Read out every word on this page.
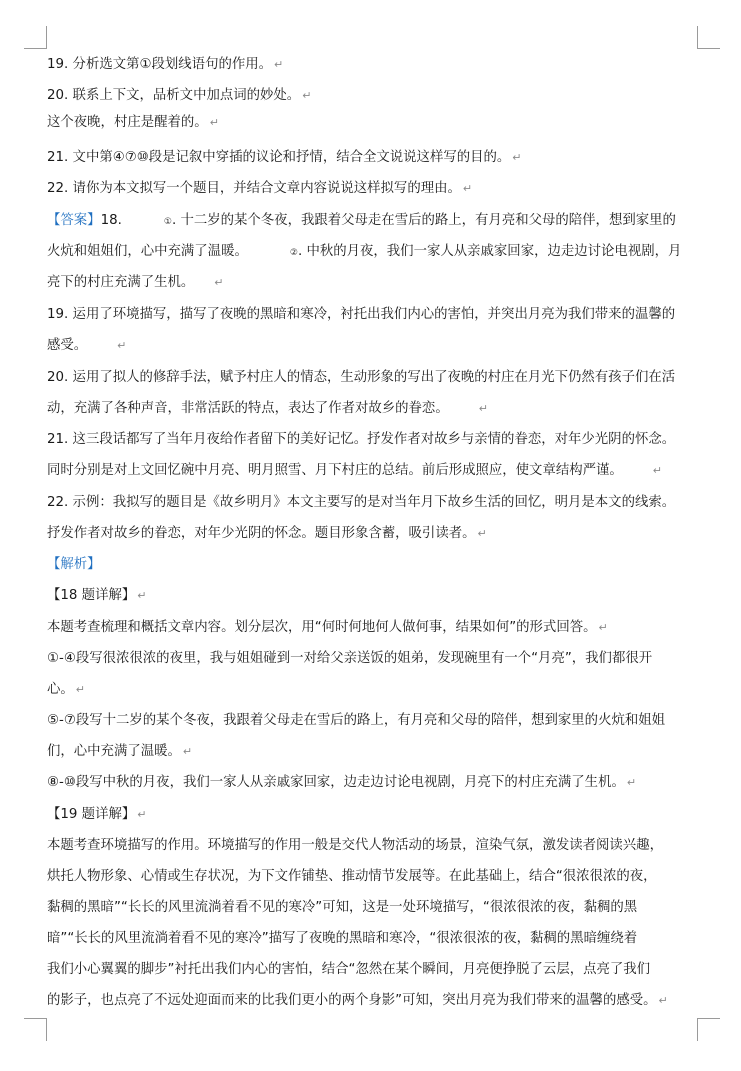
19. 分析选文第①段划线语句的作用。 ↵
20. 联系上下文，品析文中加点词的妙处。 ↵
这个夜晚，村庄是醒着的。 ↵
21. 文中第④⑦⑩段是记叙中穿插的议论和抒情，结合全文说说这样写的目的。 ↵
22. 请你为本文拟写一个题目，并结合文章内容说说这样拟写的理由。 ↵
【答案】18.	①. 十二岁的某个冬夜，我跟着父母走在雪后的路上，有月亮和父母的陪伴，想到家里的
火炕和姐姐们，心中充满了温暖。	②. 中秋的月夜，我们一家人从亲戚家回家，边走边讨论电视剧，月
亮下的村庄充满了生机。 ↵
19. 运用了环境描写，描写了夜晚的黑暗和寒冷，衬托出我们内心的害怕，并突出月亮为我们带来的温馨的
感受。	↵
20. 运用了拟人的修辞手法，赋予村庄人的情态，生动形象的写出了夜晚的村庄在月光下仍然有孩子们在活
动，充满了各种声音，非常活跃的特点，表达了作者对故乡的眷恋。	↵
21. 这三段话都写了当年月夜给作者留下的美好记忆。抒发作者对故乡与亲情的眷恋，对年少光阴的怀念。
同时分别是对上文回忆碗中月亮、明月照雪、月下村庄的总结。前后形成照应，使文章结构严谨。	↵
22. 示例：我拟写的题目是《故乡明月》本文主要写的是对当年月下故乡生活的回忆，明月是本文的线索。
抒发作者对故乡的眷恋，对年少光阴的怀念。题目形象含蓄，吸引读者。 ↵
【解析】
【18 题详解】 ↵
本题考查梳理和概括文章内容。划分层次，用“何时何地何人做何事，结果如何”的形式回答。 ↵
①-④段写很浓很浓的夜里，我与姐姐碰到一对给父亲送饭的姐弟，发现碗里有一个“月亮”，我们都很开
心。 ↵
⑤-⑦段写十二岁的某个冬夜，我跟着父母走在雪后的路上，有月亮和父母的陪伴，想到家里的火炕和姐姐
们，心中充满了温暖。 ↵
⑧-⑩段写中秋的月夜，我们一家人从亲戚家回家，边走边讨论电视剧，月亮下的村庄充满了生机。 ↵
【19 题详解】 ↵
本题考查环境描写的作用。环境描写的作用一般是交代人物活动的场景，渲染气氛，激发读者阅读兴趣，
烘托人物形象、心情或生存状况，为下文作铺垫、推动情节发展等。在此基础上，结合“很浓很浓的夜，
黏稠的黑暗”“长长的风里流淌着看不见的寒冷”可知，这是一处环境描写，“很浓很浓的夜，黏稠的黑
暗”“长长的风里流淌着看不见的寒冷”描写了夜晚的黑暗和寒冷，“很浓很浓的夜，黏稠的黑暗缠绕着
我们小心翼翼的脚步”衬托出我们内心的害怕，结合“忽然在某个瞬间，月亮便挣脱了云层，点亮了我们
的影子，也点亮了不远处迎面而来的比我们更小的两个身影”可知，突出月亮为我们带来的温馨的感受。 ↵
